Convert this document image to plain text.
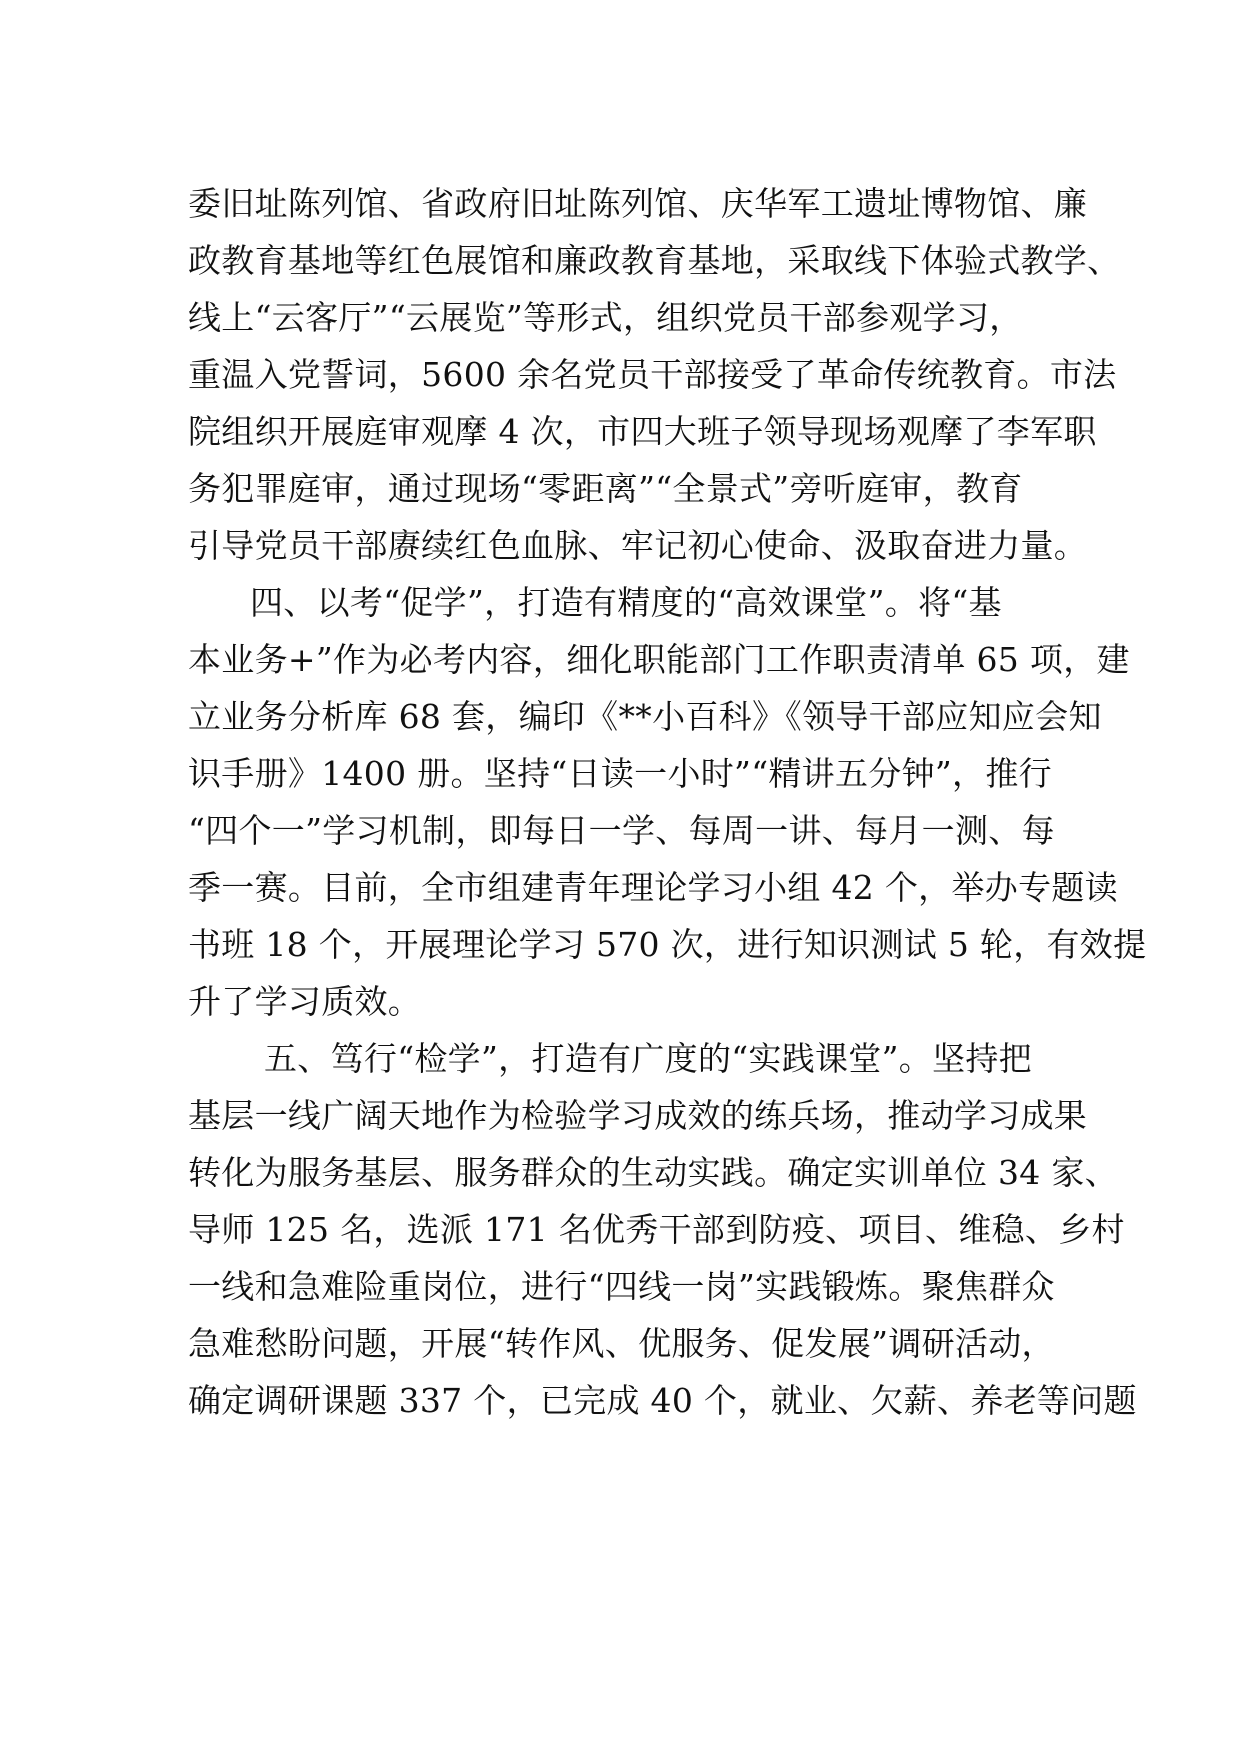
委旧址陈列馆、省政府旧址陈列馆、庆华军工遗址博物馆、廉
政教育基地等红色展馆和廉政教育基地，采取线下体验式教学、
线上“云客厅”“云展览”等形式，组织党员干部参观学习，
重温入党誓词，5600 余名党员干部接受了革命传统教育。市法
院组织开展庭审观摩 4 次，市四大班子领导现场观摩了李军职
务犯罪庭审，通过现场“零距离”“全景式”旁听庭审，教育
引导党员干部赓续红色血脉、牢记初心使命、汲取奋进力量。
四、以考“促学”，打造有精度的“高效课堂”。将“基
本业务+”作为必考内容，细化职能部门工作职责清单 65 项，建
立业务分析库 68 套，编印《**小百科》《领导干部应知应会知
识手册》1400 册。坚持“日读一小时”“精讲五分钟”，推行
“四个一”学习机制，即每日一学、每周一讲、每月一测、每
季一赛。目前，全市组建青年理论学习小组 42 个，举办专题读
书班 18 个，开展理论学习 570 次，进行知识测试 5 轮，有效提
升了学习质效。
五、笃行“检学”，打造有广度的“实践课堂”。坚持把
基层一线广阔天地作为检验学习成效的练兵场，推动学习成果
转化为服务基层、服务群众的生动实践。确定实训单位 34 家、
导师 125 名，选派 171 名优秀干部到防疫、项目、维稳、乡村
一线和急难险重岗位，进行“四线一岗”实践锻炼。聚焦群众
急难愁盼问题，开展“转作风、优服务、促发展”调研活动，
确定调研课题 337 个，已完成 40 个，就业、欠薪、养老等问题
